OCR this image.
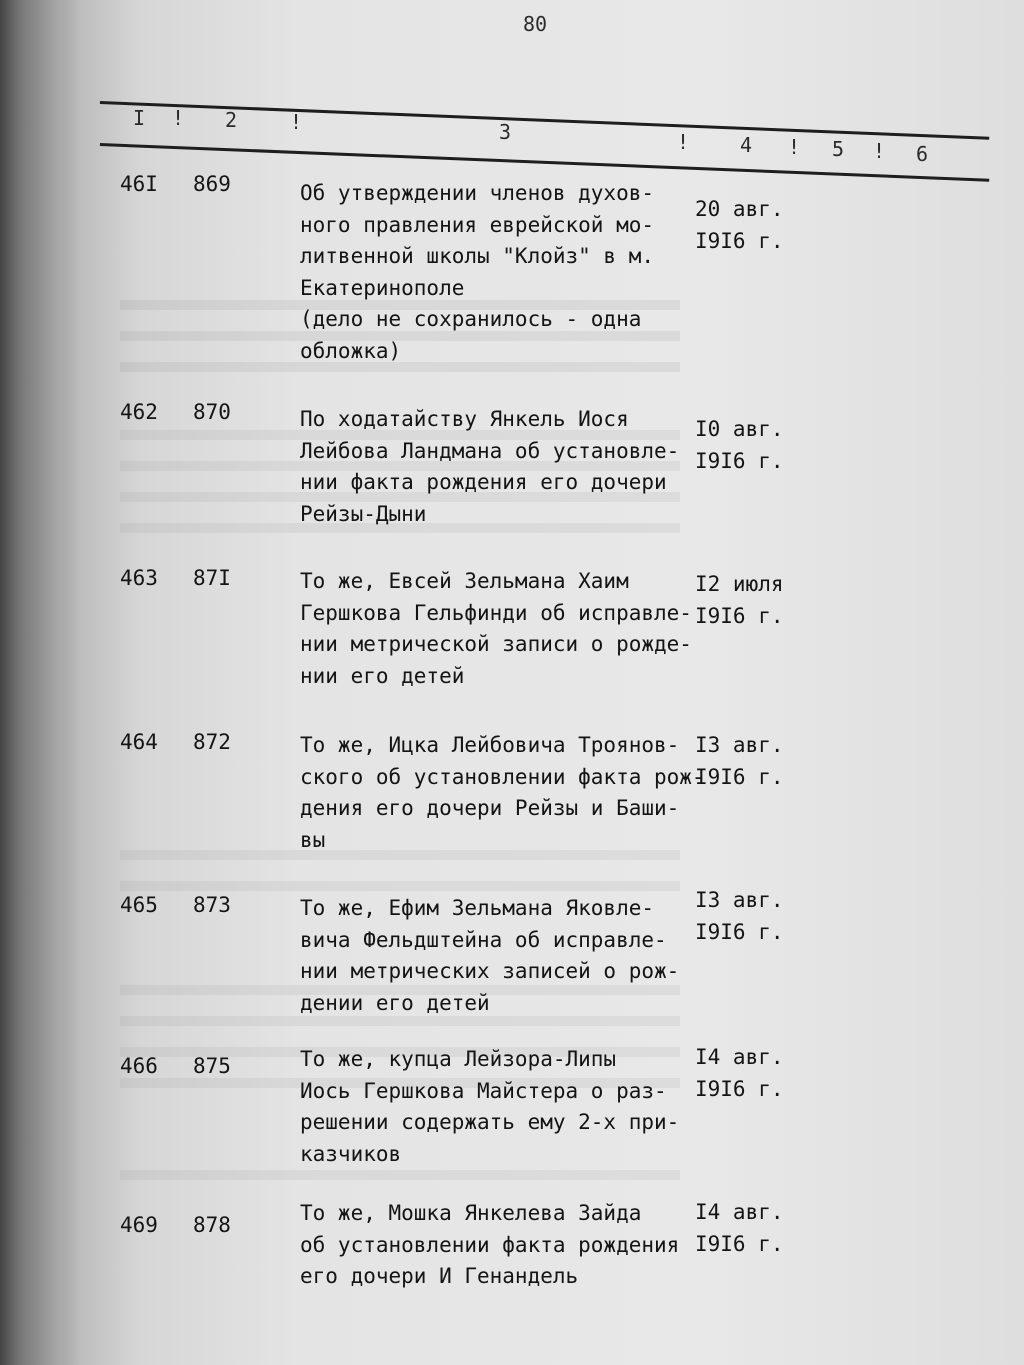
80
I ! 2	!	3	!	4 ! 5 ! 6
46I 869	Об утверждении членов духов-
ного правления еврейской мо-
литвенной школы "Клойз" в м.
Екатеринополе
(дело не сохранилось - одна
обложка)
20 авг.
I9I6 г.
462 870	По ходатайству Янкель Иося
Лейбова Ландмана об установле-
нии факта рождения его дочери
Рейзы-Дыни
I0 авг.
I9I6 г.
463 87I	То же, Евсей Зельмана Хаим
Гершкова Гельфинди об исправле-
нии метрической записи о рожде-
нии его детей
I2 июля
I9I6 г.
464 872	То же, Ицка Лейбовича Троянов-
ского об установлении факта рож-
дения его дочери Рейзы и Баши-
вы
I3 авг.
I9I6 г.
465 873	То же, Ефим Зельмана Яковле-
вича Фельдштейна об исправле-
нии метрических записей о рож-
дении его детей
I3 авг.
I9I6 г.
466 875	То же, купца Лейзора-Липы
Иось Гершкова Майстера о раз-
решении содержать ему 2-х при-
казчиков
I4 авг.
I9I6 г.
469 878	То же, Мошка Янкелева Зайда
об установлении факта рождения
его дочери И Генандель
I4 авг.
I9I6 г.
